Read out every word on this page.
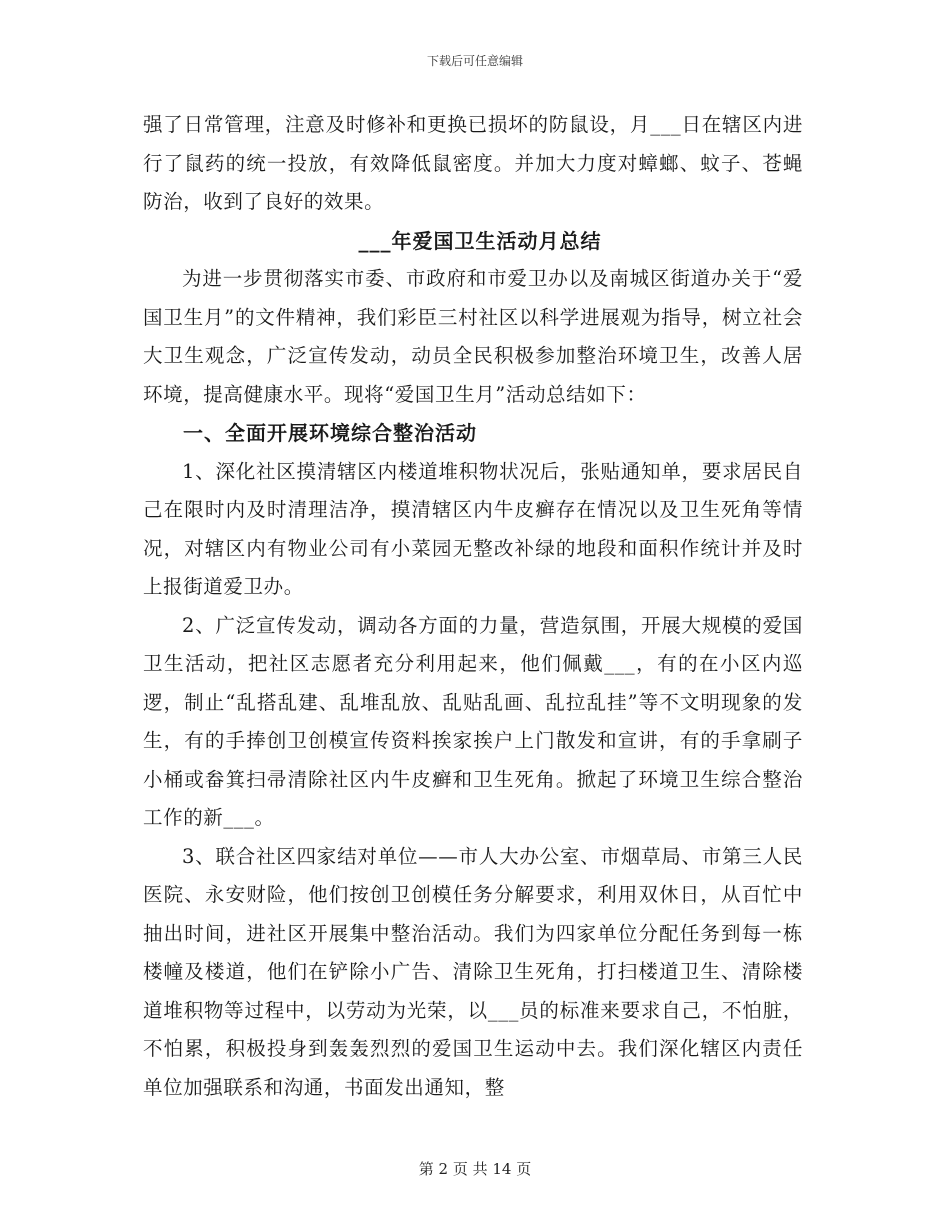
下载后可任意编辑

强了日常管理，注意及时修补和更换已损坏的防鼠设，月___日在辖区内进行了鼠药的统一投放，有效降低鼠密度。并加大力度对蟑螂、蚊子、苍蝇防治，收到了良好的效果。

___年爱国卫生活动月总结

为进一步贯彻落实市委、市政府和市爱卫办以及南城区街道办关于“爱国卫生月”的文件精神，我们彩臣三村社区以科学进展观为指导，树立社会大卫生观念，广泛宣传发动，动员全民积极参加整治环境卫生，改善人居环境，提高健康水平。现将“爱国卫生月”活动总结如下：

一、全面开展环境综合整治活动

1、深化社区摸清辖区内楼道堆积物状况后，张贴通知单，要求居民自己在限时内及时清理洁净，摸清辖区内牛皮癣存在情况以及卫生死角等情况，对辖区内有物业公司有小菜园无整改补绿的地段和面积作统计并及时上报街道爱卫办。

2、广泛宣传发动，调动各方面的力量，营造氛围，开展大规模的爱国卫生活动，把社区志愿者充分利用起来，他们佩戴___，有的在小区内巡逻，制止“乱搭乱建、乱堆乱放、乱贴乱画、乱拉乱挂”等不文明现象的发生，有的手捧创卫创模宣传资料挨家挨户上门散发和宣讲，有的手拿刷子小桶或畚箕扫帚清除社区内牛皮癣和卫生死角。掀起了环境卫生综合整治工作的新___。

3、联合社区四家结对单位——市人大办公室、市烟草局、市第三人民医院、永安财险，他们按创卫创模任务分解要求，利用双休日，从百忙中抽出时间，进社区开展集中整治活动。我们为四家单位分配任务到每一栋楼幢及楼道，他们在铲除小广告、清除卫生死角，打扫楼道卫生、清除楼道堆积物等过程中，以劳动为光荣，以___员的标准来要求自己，不怕脏，不怕累，积极投身到轰轰烈烈的爱国卫生运动中去。我们深化辖区内责任单位加强联系和沟通，书面发出通知，整

第 2 页 共 14 页
